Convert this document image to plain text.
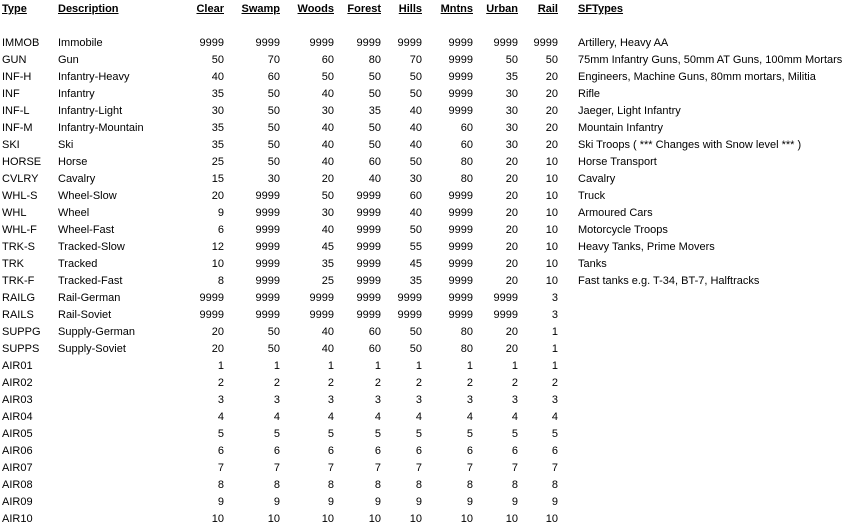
Type	Description	Clear	Swamp	Woods	Forest	Hills	Mntns	Urban	Rail SFTypes
IMMOB Immobile	9999	9999	9999	9999	9999	9999	9999	9999 Artillery, Heavy AA
GUN	Gun	50	70	60	80	70	9999	50	50 75mm Infantry Guns, 50mm AT Guns, 100mm Mortars
INF-H Infantry-Heavy	40	60	50	50	50	9999	35	20 Engineers, Machine Guns, 80mm mortars, Militia
INF	Infantry	35	50	40	50	50	9999	30	20 Rifle
INF-L	Infantry-Light	30	50	30	35	40	9999	30	20 Jaeger, Light Infantry
INF-M Infantry-Mountain	35	50	40	50	40	60	30	20 Mountain Infantry
SKI	Ski	35	50	40	50	40	60	30	20 Ski Troops ( *** Changes with Snow level *** )
HORSE Horse	25	50	40	60	50	80	20	10 Horse Transport
CVLRY Cavalry	15	30	20	40	30	80	20	10 Cavalry
WHL-S Wheel-Slow	20	9999	50	9999	60	9999	20	10 Truck
WHL	Wheel	9	9999	30	9999	40	9999	20	10 Armoured Cars
WHL-F Wheel-Fast	6	9999	40	9999	50	9999	20	10 Motorcycle Troops
TRK-S Tracked-Slow	12	9999	45	9999	55	9999	20	10 Heavy Tanks, Prime Movers
TRK	Tracked	10	9999	35	9999	45	9999	20	10 Tanks
TRK-F Tracked-Fast	8	9999	25	9999	35	9999	20	10 Fast tanks e.g. T-34, BT-7, Halftracks
RAILG Rail-German	9999	9999	9999	9999	9999	9999	9999	3
RAILS Rail-Soviet	9999	9999	9999	9999	9999	9999	9999	3
SUPPG Supply-German	20	50	40	60	50	80	20	1
SUPPS Supply-Soviet	20	50	40	60	50	80	20	1
AIR01	1	1	1	1	1	1	1	1
AIR02	2	2	2	2	2	2	2	2
AIR03	3	3	3	3	3	3	3	3
AIR04	4	4	4	4	4	4	4	4
AIR05	5	5	5	5	5	5	5	5
AIR06	6	6	6	6	6	6	6	6
AIR07	7	7	7	7	7	7	7	7
AIR08	8	8	8	8	8	8	8	8
AIR09	9	9	9	9	9	9	9	9
AIR10	10	10	10	10	10	10	10	10
